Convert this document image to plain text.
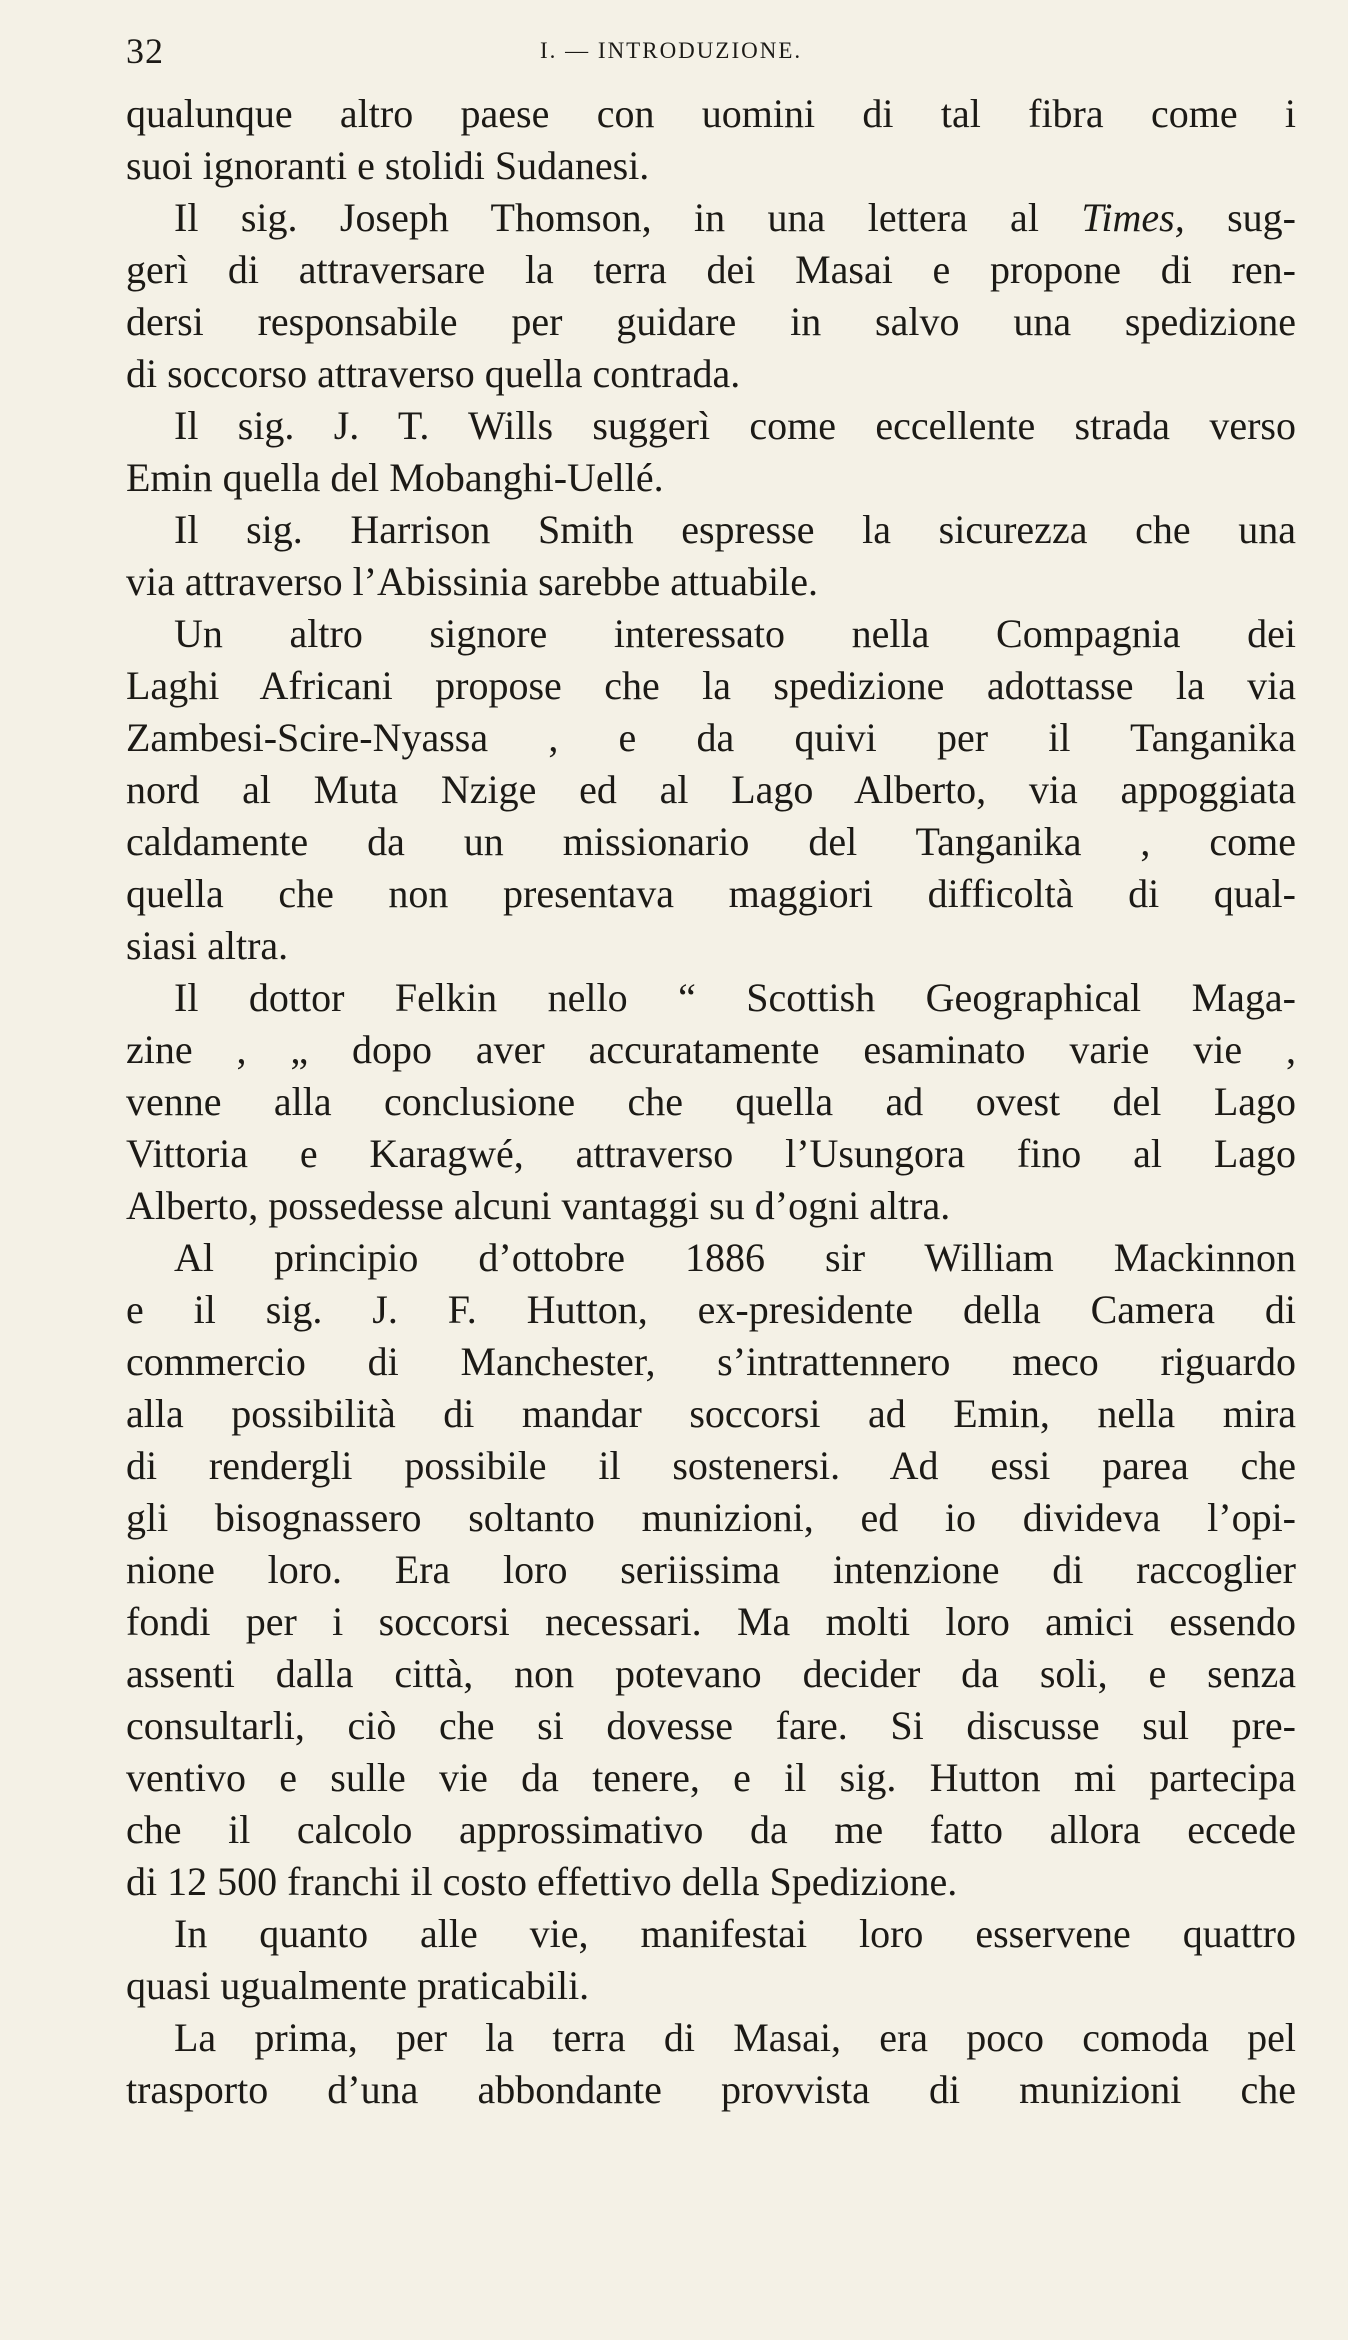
32	I. — INTRODUZIONE.
qualunque altro paese con uomini di tal fibra come i
suoi ignoranti e stolidi Sudanesi.
Il sig. Joseph Thomson, in una lettera al Times, sug-
gerì di attraversare la terra dei Masai e propone di ren-
dersi responsabile per guidare in salvo una spedizione
di soccorso attraverso quella contrada.
Il sig. J. T. Wills suggerì come eccellente strada verso
Emin quella del Mobanghi-Uellé.
Il sig. Harrison Smith espresse la sicurezza che una
via attraverso l’Abissinia sarebbe attuabile.
Un altro signore interessato nella Compagnia dei
Laghi Africani propose che la spedizione adottasse la via
Zambesi-Scire-Nyassa , e da quivi per il Tanganika
nord al Muta Nzige ed al Lago Alberto, via appoggiata
caldamente da un missionario del Tanganika , come
quella che non presentava maggiori difficoltà di qual-
siasi altra.
Il dottor Felkin nello “ Scottish Geographical Maga-
zine , „ dopo aver accuratamente esaminato varie vie ,
venne alla conclusione che quella ad ovest del Lago
Vittoria e Karagwé, attraverso l’Usungora fino al Lago
Alberto, possedesse alcuni vantaggi su d’ogni altra.
Al principio d’ottobre 1886 sir William Mackinnon
e il sig. J. F. Hutton, ex-presidente della Camera di
commercio di Manchester, s’intrattennero meco riguardo
alla possibilità di mandar soccorsi ad Emin, nella mira
di rendergli possibile il sostenersi. Ad essi parea che
gli bisognassero soltanto munizioni, ed io divideva l’opi-
nione loro. Era loro seriissima intenzione di raccoglier
fondi per i soccorsi necessari. Ma molti loro amici essendo
assenti dalla città, non potevano decider da soli, e senza
consultarli, ciò che si dovesse fare. Si discusse sul pre-
ventivo e sulle vie da tenere, e il sig. Hutton mi partecipa
che il calcolo approssimativo da me fatto allora eccede
di 12 500 franchi il costo effettivo della Spedizione.
In quanto alle vie, manifestai loro esservene quattro
quasi ugualmente praticabili.
La prima, per la terra di Masai, era poco comoda pel
trasporto d’una abbondante provvista di munizioni che
